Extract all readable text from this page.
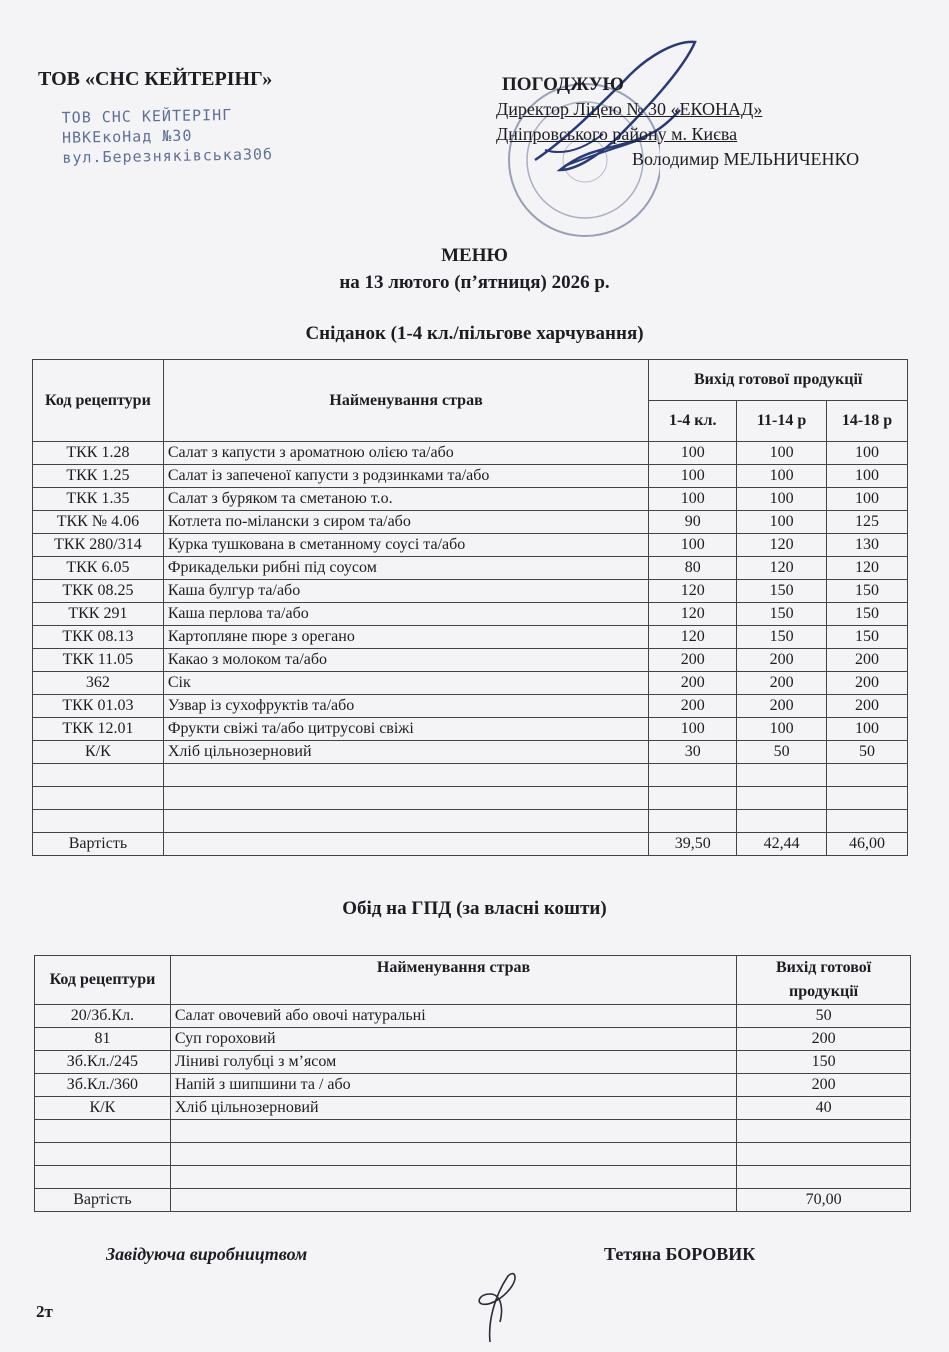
ТОВ «СНС КЕЙТЕРІНГ»
ТОВ СНС КЕЙТЕРІНГ
НВКЕкоНад №30
вул.Березняківська30б
ПОГОДЖУЮ
Директор Ліцею № 30 «ЕКОНАД»
Дніпровського району м. Києва
Володимир МЕЛЬНИЧЕНКО
МЕНЮ
на 13 лютого (п’ятниця) 2026 р.
Сніданок (1-4 кл./пільгове харчування)
Код рецептури	Найменування страв	Вихід готової продукції		
		1-4 кл.	11-14 р	14-18 р
ТКК 1.28	Салат з капусти з ароматною олією та/або	100	100	100
ТКК 1.25	Салат із запеченої капусти з родзинками та/або	100	100	100
ТКК 1.35	Салат з буряком та сметаною т.о.	100	100	100
ТКК № 4.06	Котлета по-мілански з сиром та/або	90	100	125
ТКК 280/314	Курка тушкована в сметанному соусі та/або	100	120	130
ТКК 6.05	Фрикадельки рибні під соусом	80	120	120
ТКК 08.25	Каша булгур та/або	120	150	150
ТКК 291	Каша перлова та/або	120	150	150
ТКК 08.13	Картопляне пюре з орегано	120	150	150
ТКК 11.05	Какао з молоком та/або	200	200	200
362	Сік	200	200	200
ТКК 01.03	Узвар із сухофруктів та/або	200	200	200
ТКК 12.01	Фрукти свіжі та/або цитрусові свіжі	100	100	100
К/К	Хліб цільнозерновий	30	50	50

Вартість		39,50	42,44	46,00
Обід на ГПД (за власні кошти)
Код рецептури	Найменування страв	Вихід готової продукції
20/Зб.Кл.	Салат овочевий або овочі натуральні	50
81	Суп гороховий	200
Зб.Кл./245	Ліниві голубці з м’ясом	150
Зб.Кл./360	Напій з шипшини та / або	200
К/К	Хліб цільнозерновий	40

Вартість		70,00
Завідуюча виробництвом	Тетяна БОРОВИК
2т
